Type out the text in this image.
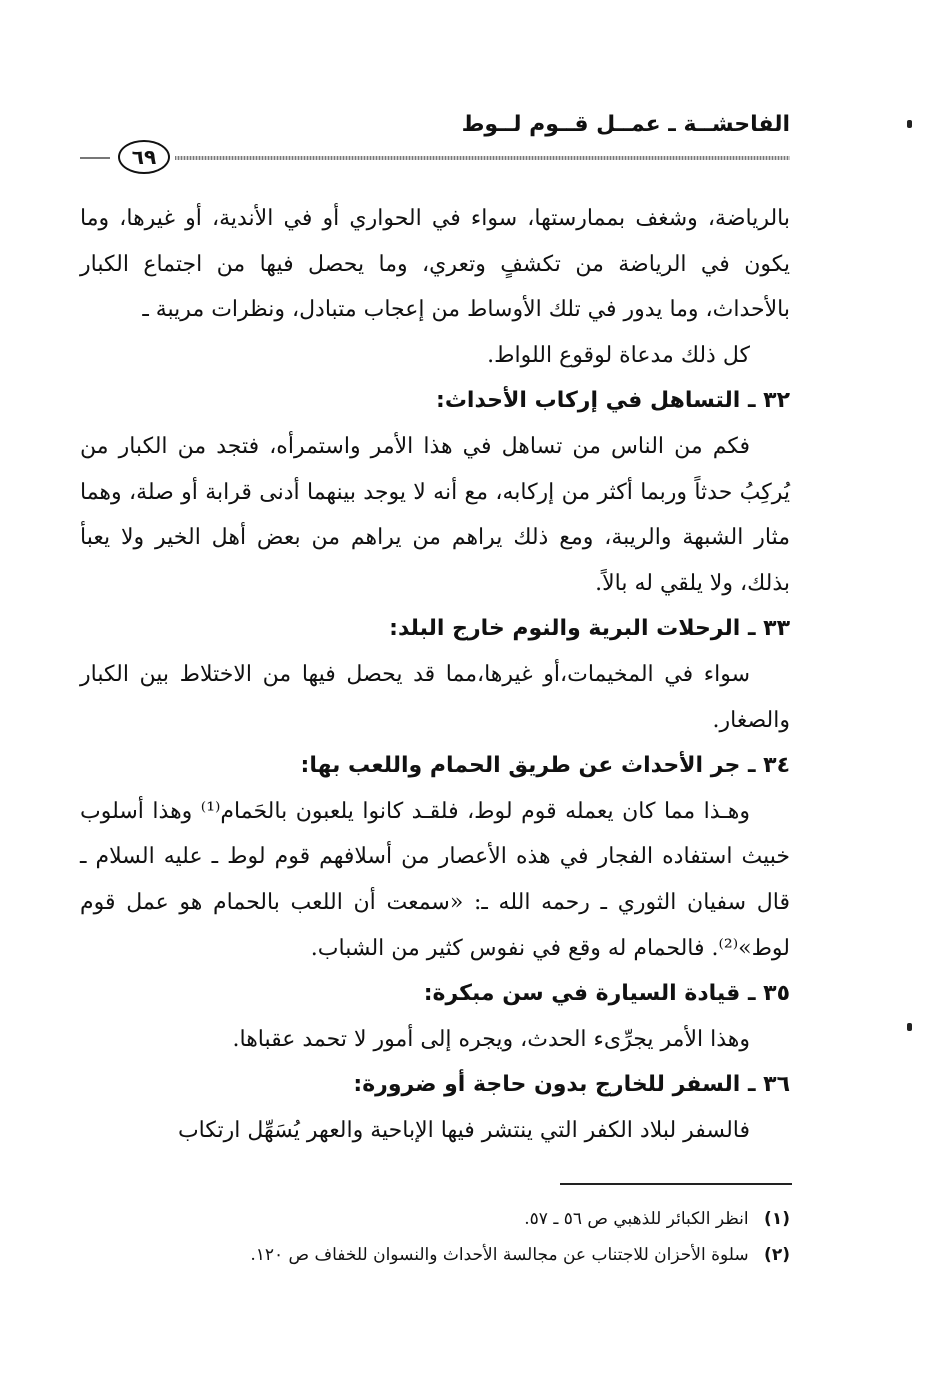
الفاحشــة ـ عمــل قــوم لــوط
٦٩

بالرياضة، وشغف بممارستها، سواء في الحواري أو في الأندية، أو غيرها، وما يكون في الرياضة من تكشفٍ وتعري، وما يحصل فيها من اجتماع الكبار بالأحداث، وما يدور في تلك الأوساط من إعجاب متبادل، ونظرات مريبة ـ

كل ذلك مدعاة لوقوع اللواط.

٣٢ ـ التساهل في إركاب الأحداث:

فكم من الناس من تساهل في هذا الأمر واستمرأه، فتجد من الكبار من يُركِبُ حدثاً وربما أكثر من إركابه، مع أنه لا يوجد بينهما أدنى قرابة أو صلة، وهما مثار الشبهة والريبة، ومع ذلك يراهم من يراهم من بعض أهل الخير ولا يعبأ بذلك، ولا يلقي له بالاً.

٣٣ ـ الرحلات البرية والنوم خارج البلد:

سواء في المخيمات،أو غيرها،مما قد يحصل فيها من الاختلاط بين الكبار والصغار.

٣٤ ـ جر الأحداث عن طريق الحمام واللعب بها:

وهـذا مما كان يعمله قوم لوط، فلقـد كانوا يلعبون بالحَمام⁽¹⁾ وهذا أسلوب خبيث استفاده الفجار في هذه الأعصار من أسلافهم قوم لوط ـ عليه السلام ـ قال سفيان الثوري ـ رحمه الله ـ: «سمعت أن اللعب بالحمام هو عمل قوم لوط»⁽²⁾. فالحمام له وقع في نفوس كثير من الشباب.

٣٥ ـ قيادة السيارة في سن مبكرة:

وهذا الأمر يجرِّىء الحدث، ويجره إلى أمور لا تحمد عقباها.

٣٦ ـ السفر للخارج بدون حاجة أو ضرورة:

فالسفر لبلاد الكفر التي ينتشر فيها الإباحية والعهر يُسَهِّل ارتكاب

(١) انظر الكبائر للذهبي ص ٥٦ ـ ٥٧.

(٢) سلوة الأحزان للاجتناب عن مجالسة الأحداث والنسوان للخفاف ص ١٢٠.
